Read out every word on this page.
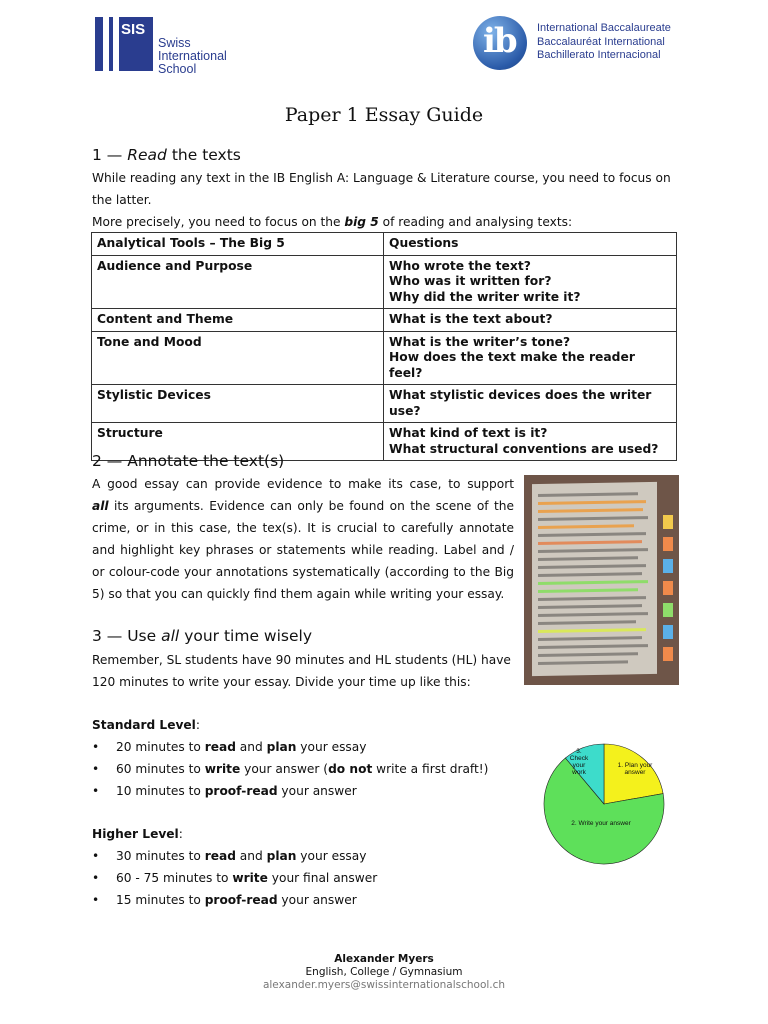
SIS
Swiss
International
School
ib International Baccalaureate
Baccalauréat International
Bachillerato Internacional
Paper 1 Essay Guide
1 — Read the texts
While reading any text in the IB English A: Language & Literature course, you need to focus on the latter.
More precisely, you need to focus on the big 5 of reading and analysing texts:
Analytical Tools – The Big 5	Questions
Audience and Purpose	Who wrote the text?
Who was it written for?
Why did the writer write it?

Content and Theme	What is the text about?

Tone and Mood	What is the writer’s tone?
How does the text make the reader feel?

Stylistic Devices	What stylistic devices does the writer use?

Structure	What kind of text is it?
What structural conventions are used?
2 — Annotate the text(s)
A good essay can provide evidence to make its case, to support
all its arguments. Evidence can only be found on the scene of the
crime, or in this case, the tex(s). It is crucial to carefully annotate
and highlight key phrases or statements while reading. Label and /
or colour-code your annotations systematically (according to the Big
5) so that you can quickly find them again while writing your essay.
3 — Use all your time wisely
Remember, SL students have 90 minutes and HL students (HL) have
120 minutes to write your essay. Divide your time up like this:
Standard Level:
• 20 minutes to read and plan your essay
• 60 minutes to write your answer (do not write a first draft!)
• 10 minutes to proof-read your answer
Higher Level:
• 30 minutes to read and plan your essay
• 60 - 75 minutes to write your final answer
• 15 minutes to proof-read your answer
3. Check your work
1. Plan your answer
2. Write your answer
Alexander Myers
English, College / Gymnasium
alexander.myers@swissinternationalschool.ch
